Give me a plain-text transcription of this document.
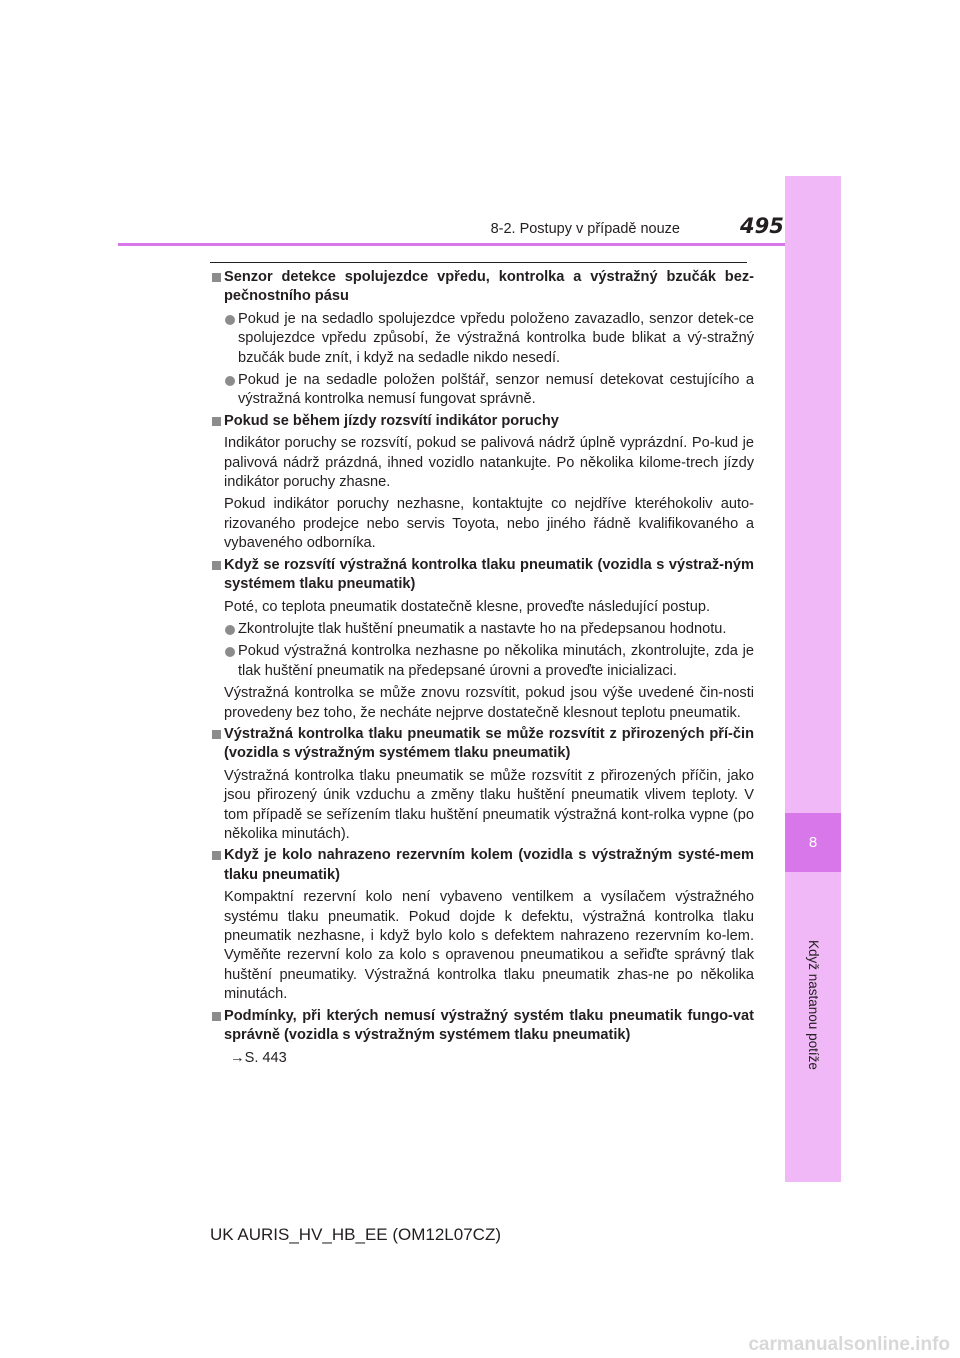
8
Když nastanou potíže
8-2. Postupy v případě nouze	495
Senzor detekce spolujezdce vpředu, kontrolka a výstražný bzučák bez-pečnostního pásu
Pokud je na sedadlo spolujezdce vpředu položeno zavazadlo, senzor detek-ce spolujezdce vpředu způsobí, že výstražná kontrolka bude blikat a vý-stražný bzučák bude znít, i když na sedadle nikdo nesedí.
Pokud je na sedadle položen polštář, senzor nemusí detekovat cestujícího a výstražná kontrolka nemusí fungovat správně.
Pokud se během jízdy rozsvítí indikátor poruchy
Indikátor poruchy se rozsvítí, pokud se palivová nádrž úplně vyprázdní. Po-kud je palivová nádrž prázdná, ihned vozidlo natankujte. Po několika kilome-trech jízdy indikátor poruchy zhasne.
Pokud indikátor poruchy nezhasne, kontaktujte co nejdříve kteréhokoliv auto-rizovaného prodejce nebo servis Toyota, nebo jiného řádně kvalifikovaného a vybaveného odborníka.
Když se rozsvítí výstražná kontrolka tlaku pneumatik (vozidla s výstraž-ným systémem tlaku pneumatik)
Poté, co teplota pneumatik dostatečně klesne, proveďte následující postup.
Zkontrolujte tlak huštění pneumatik a nastavte ho na předepsanou hodnotu.
Pokud výstražná kontrolka nezhasne po několika minutách, zkontrolujte, zda je tlak huštění pneumatik na předepsané úrovni a proveďte inicializaci.
Výstražná kontrolka se může znovu rozsvítit, pokud jsou výše uvedené čin-nosti provedeny bez toho, že necháte nejprve dostatečně klesnout teplotu pneumatik.
Výstražná kontrolka tlaku pneumatik se může rozsvítit z přirozených pří-čin (vozidla s výstražným systémem tlaku pneumatik)
Výstražná kontrolka tlaku pneumatik se může rozsvítit z přirozených příčin, jako jsou přirozený únik vzduchu a změny tlaku huštění pneumatik vlivem teploty. V tom případě se seřízením tlaku huštění pneumatik výstražná kont-rolka vypne (po několika minutách).
Když je kolo nahrazeno rezervním kolem (vozidla s výstražným systé-mem tlaku pneumatik)
Kompaktní rezervní kolo není vybaveno ventilkem a vysílačem výstražného systému tlaku pneumatik. Pokud dojde k defektu, výstražná kontrolka tlaku pneumatik nezhasne, i když bylo kolo s defektem nahrazeno rezervním ko-lem. Vyměňte rezervní kolo za kolo s opravenou pneumatikou a seřiďte správný tlak huštění pneumatiky. Výstražná kontrolka tlaku pneumatik zhas-ne po několika minutách.
Podmínky, při kterých nemusí výstražný systém tlaku pneumatik fungo-vat správně (vozidla s výstražným systémem tlaku pneumatik)
→S. 443
UK AURIS_HV_HB_EE (OM12L07CZ)
carmanualsonline.info
